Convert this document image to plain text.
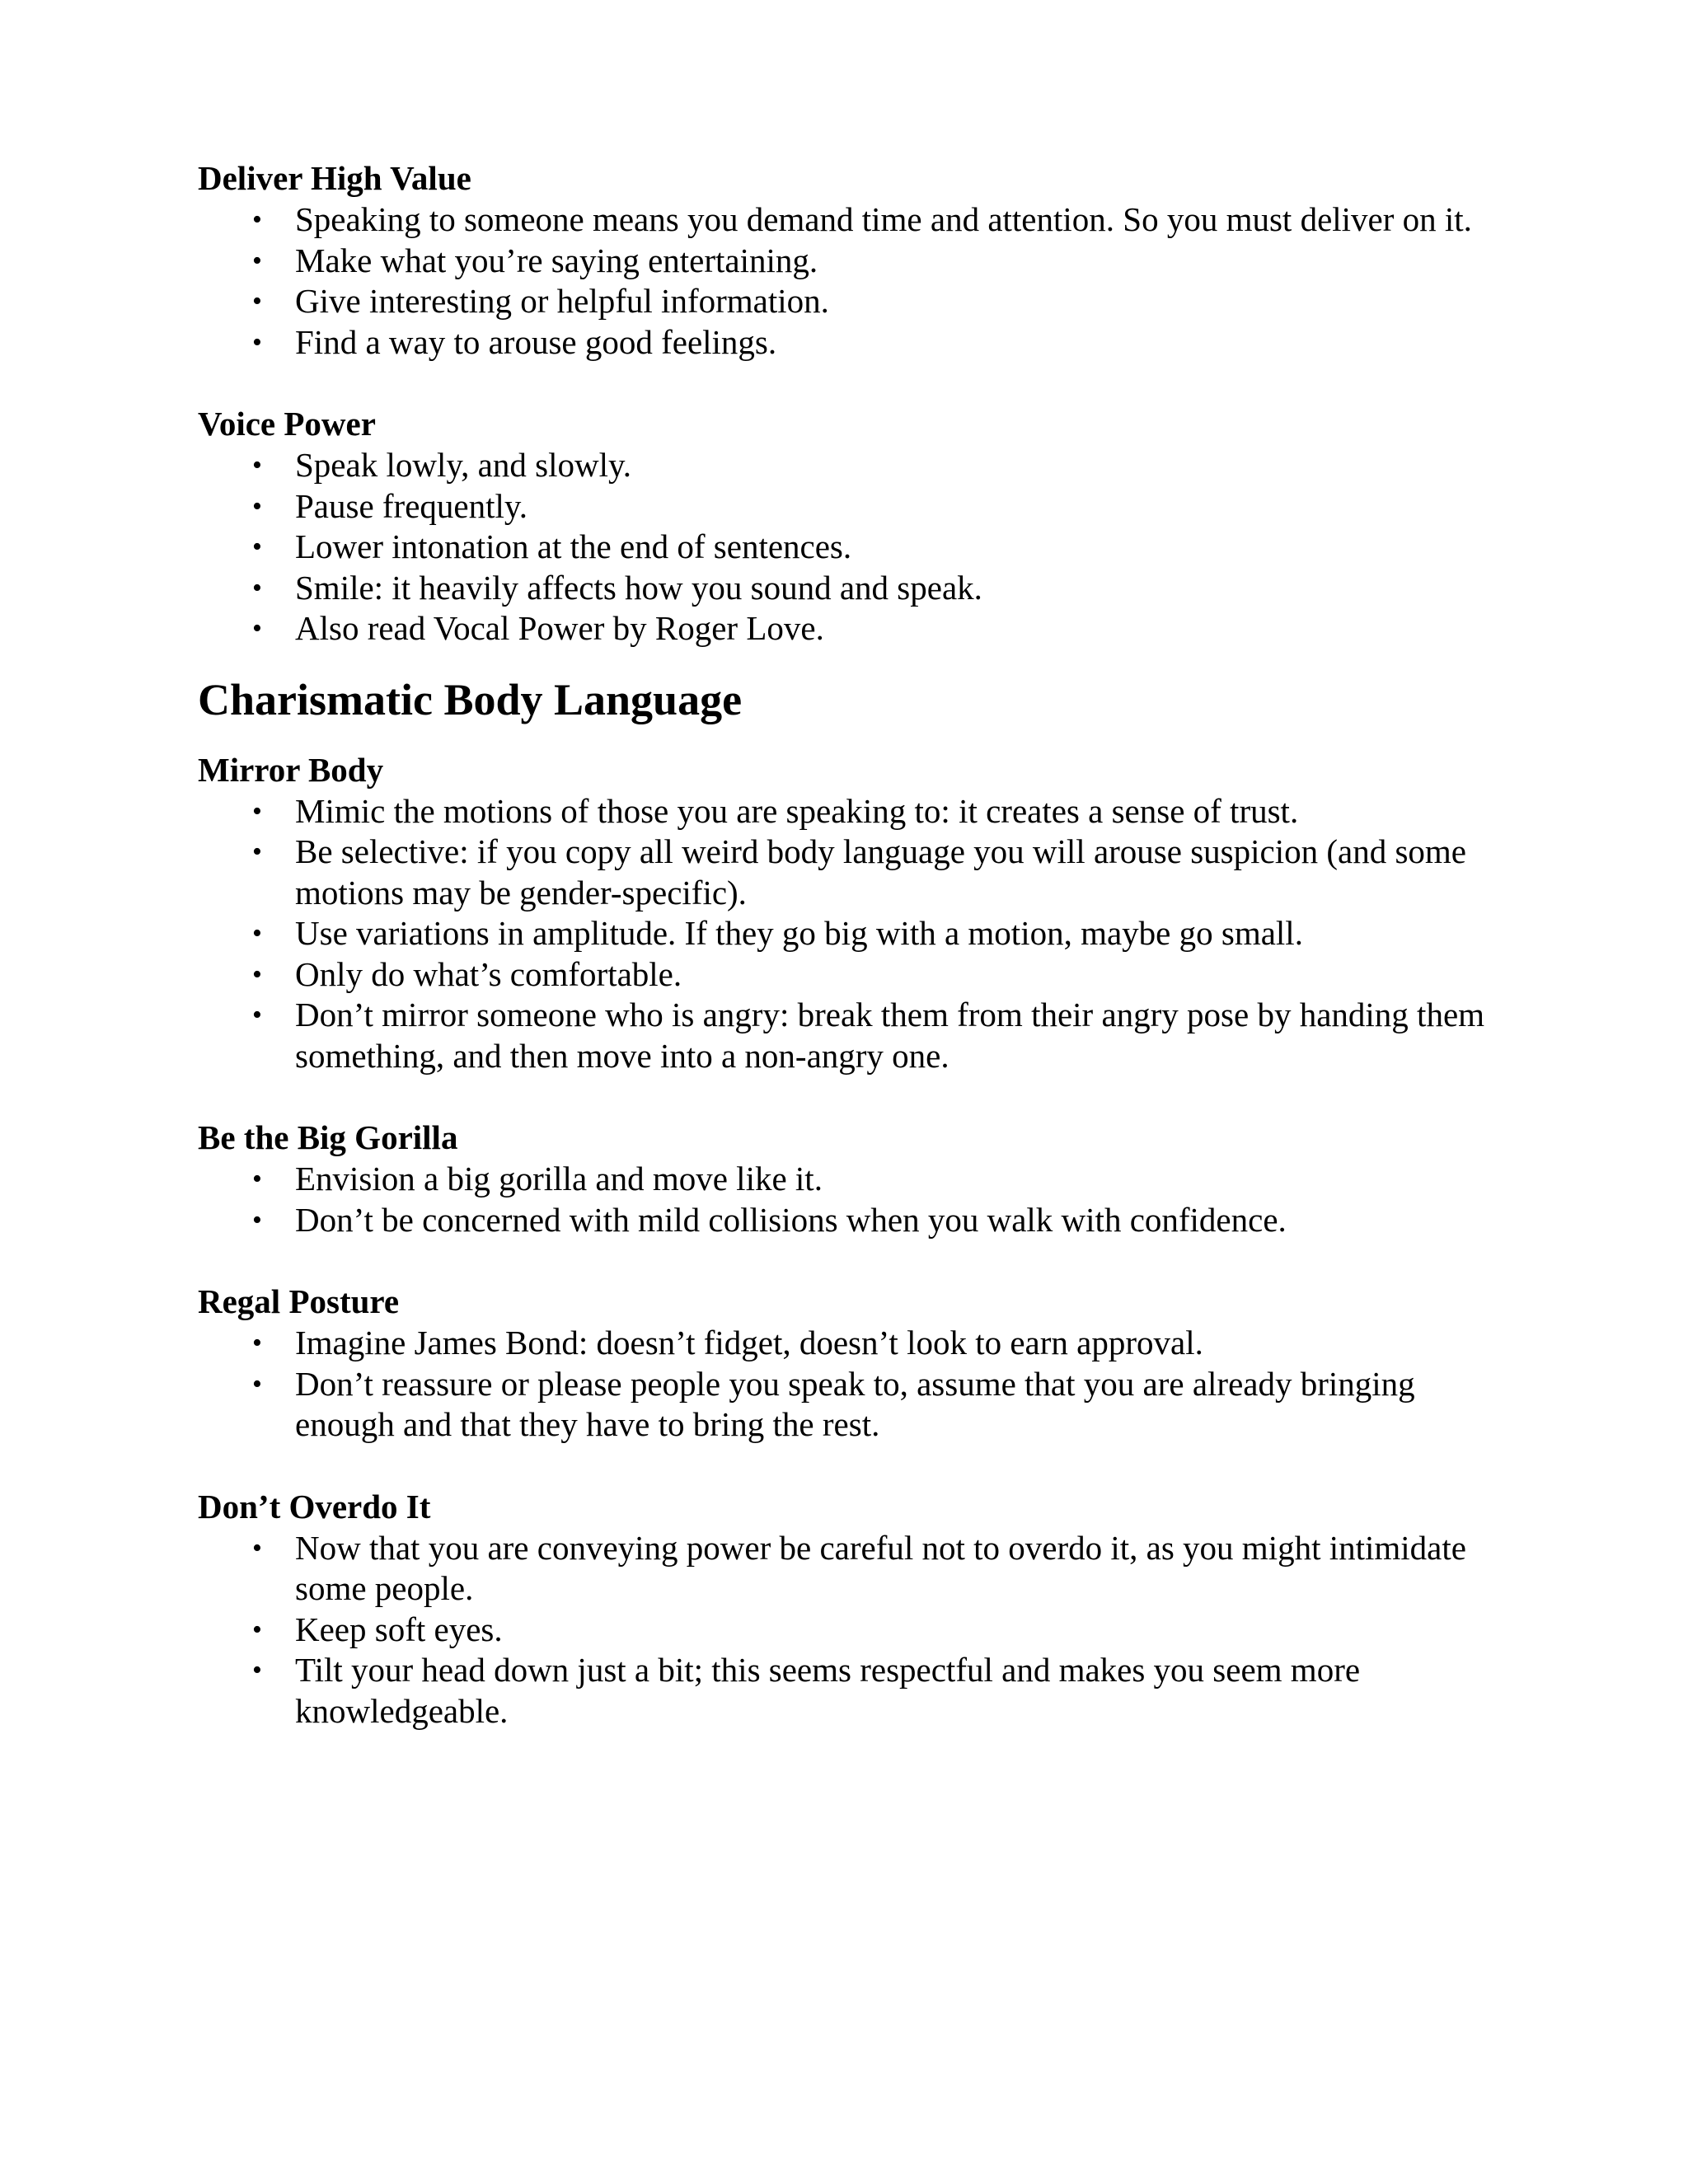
Deliver High Value
• Speaking to someone means you demand time and attention. So you must deliver on it.
• Make what you’re saying entertaining.
• Give interesting or helpful information.
• Find a way to arouse good feelings.
Voice Power
• Speak lowly, and slowly.
• Pause frequently.
• Lower intonation at the end of sentences.
• Smile: it heavily affects how you sound and speak.
• Also read Vocal Power by Roger Love.
Charismatic Body Language
Mirror Body
• Mimic the motions of those you are speaking to: it creates a sense of trust.
• Be selective: if you copy all weird body language you will arouse suspicion (and some motions may be gender-specific).
• Use variations in amplitude. If they go big with a motion, maybe go small.
• Only do what’s comfortable.
• Don’t mirror someone who is angry: break them from their angry pose by handing them something, and then move into a non-angry one.
Be the Big Gorilla
• Envision a big gorilla and move like it.
• Don’t be concerned with mild collisions when you walk with confidence.
Regal Posture
• Imagine James Bond: doesn’t fidget, doesn’t look to earn approval.
• Don’t reassure or please people you speak to, assume that you are already bringing enough and that they have to bring the rest.
Don’t Overdo It
• Now that you are conveying power be careful not to overdo it, as you might intimidate some people.
• Keep soft eyes.
• Tilt your head down just a bit; this seems respectful and makes you seem more knowledgeable.
